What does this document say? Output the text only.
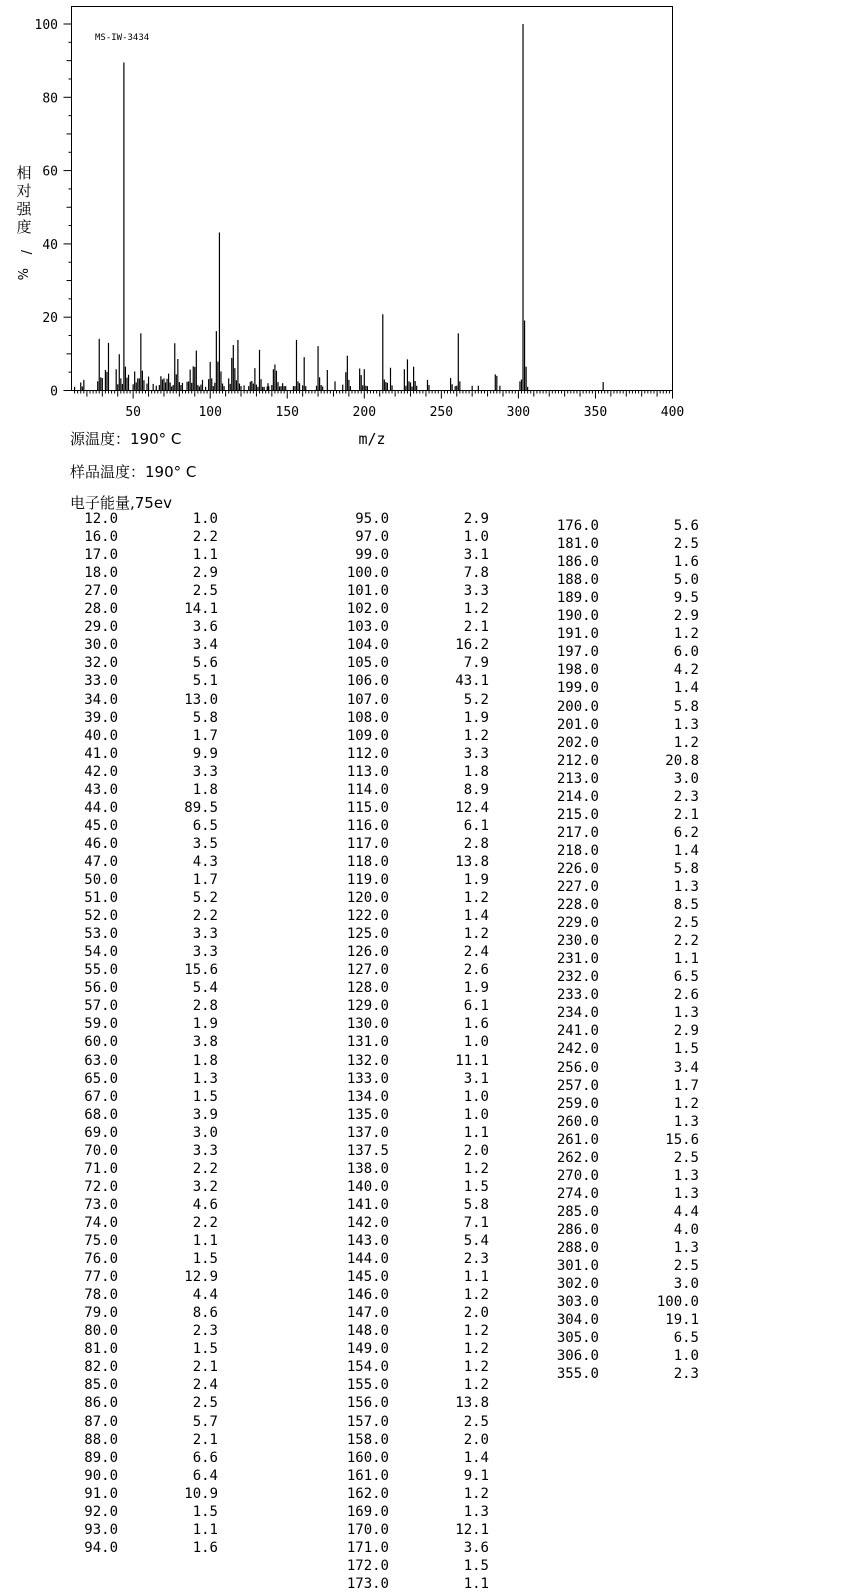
50	100	150	200	250	300	350	400
0
20
40
60
80
100
MS-IW-3434
m/z
相对强度/ %
源温度：190° C
样品温度：190° C
电子能量,75ev
12.0	1.0
16.0	2.2
17.0	1.1
18.0	2.9
27.0	2.5
28.0	14.1
29.0	3.6
30.0	3.4
32.0	5.6
33.0	5.1
34.0	13.0
39.0	5.8
40.0	1.7
41.0	9.9
42.0	3.3
43.0	1.8
44.0	89.5
45.0	6.5
46.0	3.5
47.0	4.3
50.0	1.7
51.0	5.2
52.0	2.2
53.0	3.3
54.0	3.3
55.0	15.6
56.0	5.4
57.0	2.8
59.0	1.9
60.0	3.8
63.0	1.8
65.0	1.3
67.0	1.5
68.0	3.9
69.0	3.0
70.0	3.3
71.0	2.2
72.0	3.2
73.0	4.6
74.0	2.2
75.0	1.1
76.0	1.5
77.0	12.9
78.0	4.4
79.0	8.6
80.0	2.3
81.0	1.5
82.0	2.1
85.0	2.4
86.0	2.5
87.0	5.7
88.0	2.1
89.0	6.6
90.0	6.4
91.0	10.9
92.0	1.5
93.0	1.1
94.0	1.6
95.0	2.9
97.0	1.0
99.0	3.1
100.0	7.8
101.0	3.3
102.0	1.2
103.0	2.1
104.0	16.2
105.0	7.9
106.0	43.1
107.0	5.2
108.0	1.9
109.0	1.2
112.0	3.3
113.0	1.8
114.0	8.9
115.0	12.4
116.0	6.1
117.0	2.8
118.0	13.8
119.0	1.9
120.0	1.2
122.0	1.4
125.0	1.2
126.0	2.4
127.0	2.6
128.0	1.9
129.0	6.1
130.0	1.6
131.0	1.0
132.0	11.1
133.0	3.1
134.0	1.0
135.0	1.0
137.0	1.1
137.5	2.0
138.0	1.2
140.0	1.5
141.0	5.8
142.0	7.1
143.0	5.4
144.0	2.3
145.0	1.1
146.0	1.2
147.0	2.0
148.0	1.2
149.0	1.2
154.0	1.2
155.0	1.2
156.0	13.8
157.0	2.5
158.0	2.0
160.0	1.4
161.0	9.1
162.0	1.2
169.0	1.3
170.0	12.1
171.0	3.6
172.0	1.5
173.0	1.1
176.0	5.6
181.0	2.5
186.0	1.6
188.0	5.0
189.0	9.5
190.0	2.9
191.0	1.2
197.0	6.0
198.0	4.2
199.0	1.4
200.0	5.8
201.0	1.3
202.0	1.2
212.0	20.8
213.0	3.0
214.0	2.3
215.0	2.1
217.0	6.2
218.0	1.4
226.0	5.8
227.0	1.3
228.0	8.5
229.0	2.5
230.0	2.2
231.0	1.1
232.0	6.5
233.0	2.6
234.0	1.3
241.0	2.9
242.0	1.5
256.0	3.4
257.0	1.7
259.0	1.2
260.0	1.3
261.0	15.6
262.0	2.5
270.0	1.3
274.0	1.3
285.0	4.4
286.0	4.0
288.0	1.3
301.0	2.5
302.0	3.0
303.0	100.0
304.0	19.1
305.0	6.5
306.0	1.0
355.0	2.3
